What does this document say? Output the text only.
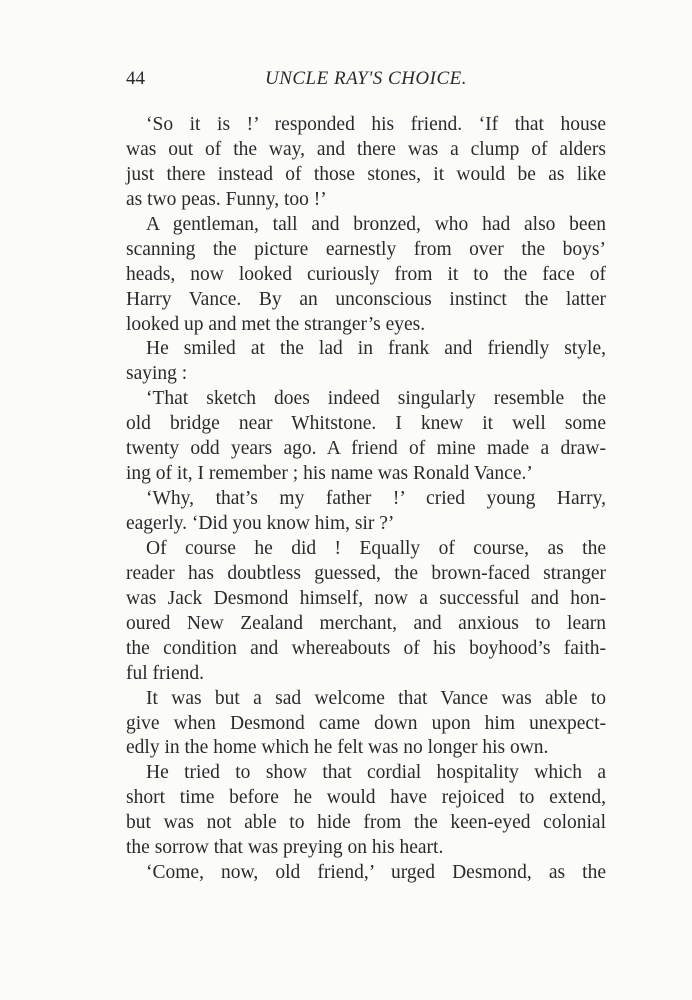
44	UNCLE RAY'S CHOICE.
‘So it is !’ responded his friend. ‘If that house
was out of the way, and there was a clump of alders
just there instead of those stones, it would be as like
as two peas. Funny, too !’
A gentleman, tall and bronzed, who had also been
scanning the picture earnestly from over the boys’
heads, now looked curiously from it to the face of
Harry Vance. By an unconscious instinct the latter
looked up and met the stranger’s eyes.
He smiled at the lad in frank and friendly style,
saying :
‘That sketch does indeed singularly resemble the
old bridge near Whitstone. I knew it well some
twenty odd years ago. A friend of mine made a draw-
ing of it, I remember ; his name was Ronald Vance.’
‘Why, that’s my father !’ cried young Harry,
eagerly. ‘Did you know him, sir ?’
Of course he did ! Equally of course, as the
reader has doubtless guessed, the brown-faced stranger
was Jack Desmond himself, now a successful and hon-
oured New Zealand merchant, and anxious to learn
the condition and whereabouts of his boyhood’s faith-
ful friend.
It was but a sad welcome that Vance was able to
give when Desmond came down upon him unexpect-
edly in the home which he felt was no longer his own.
He tried to show that cordial hospitality which a
short time before he would have rejoiced to extend,
but was not able to hide from the keen-eyed colonial
the sorrow that was preying on his heart.
‘Come, now, old friend,’ urged Desmond, as the
